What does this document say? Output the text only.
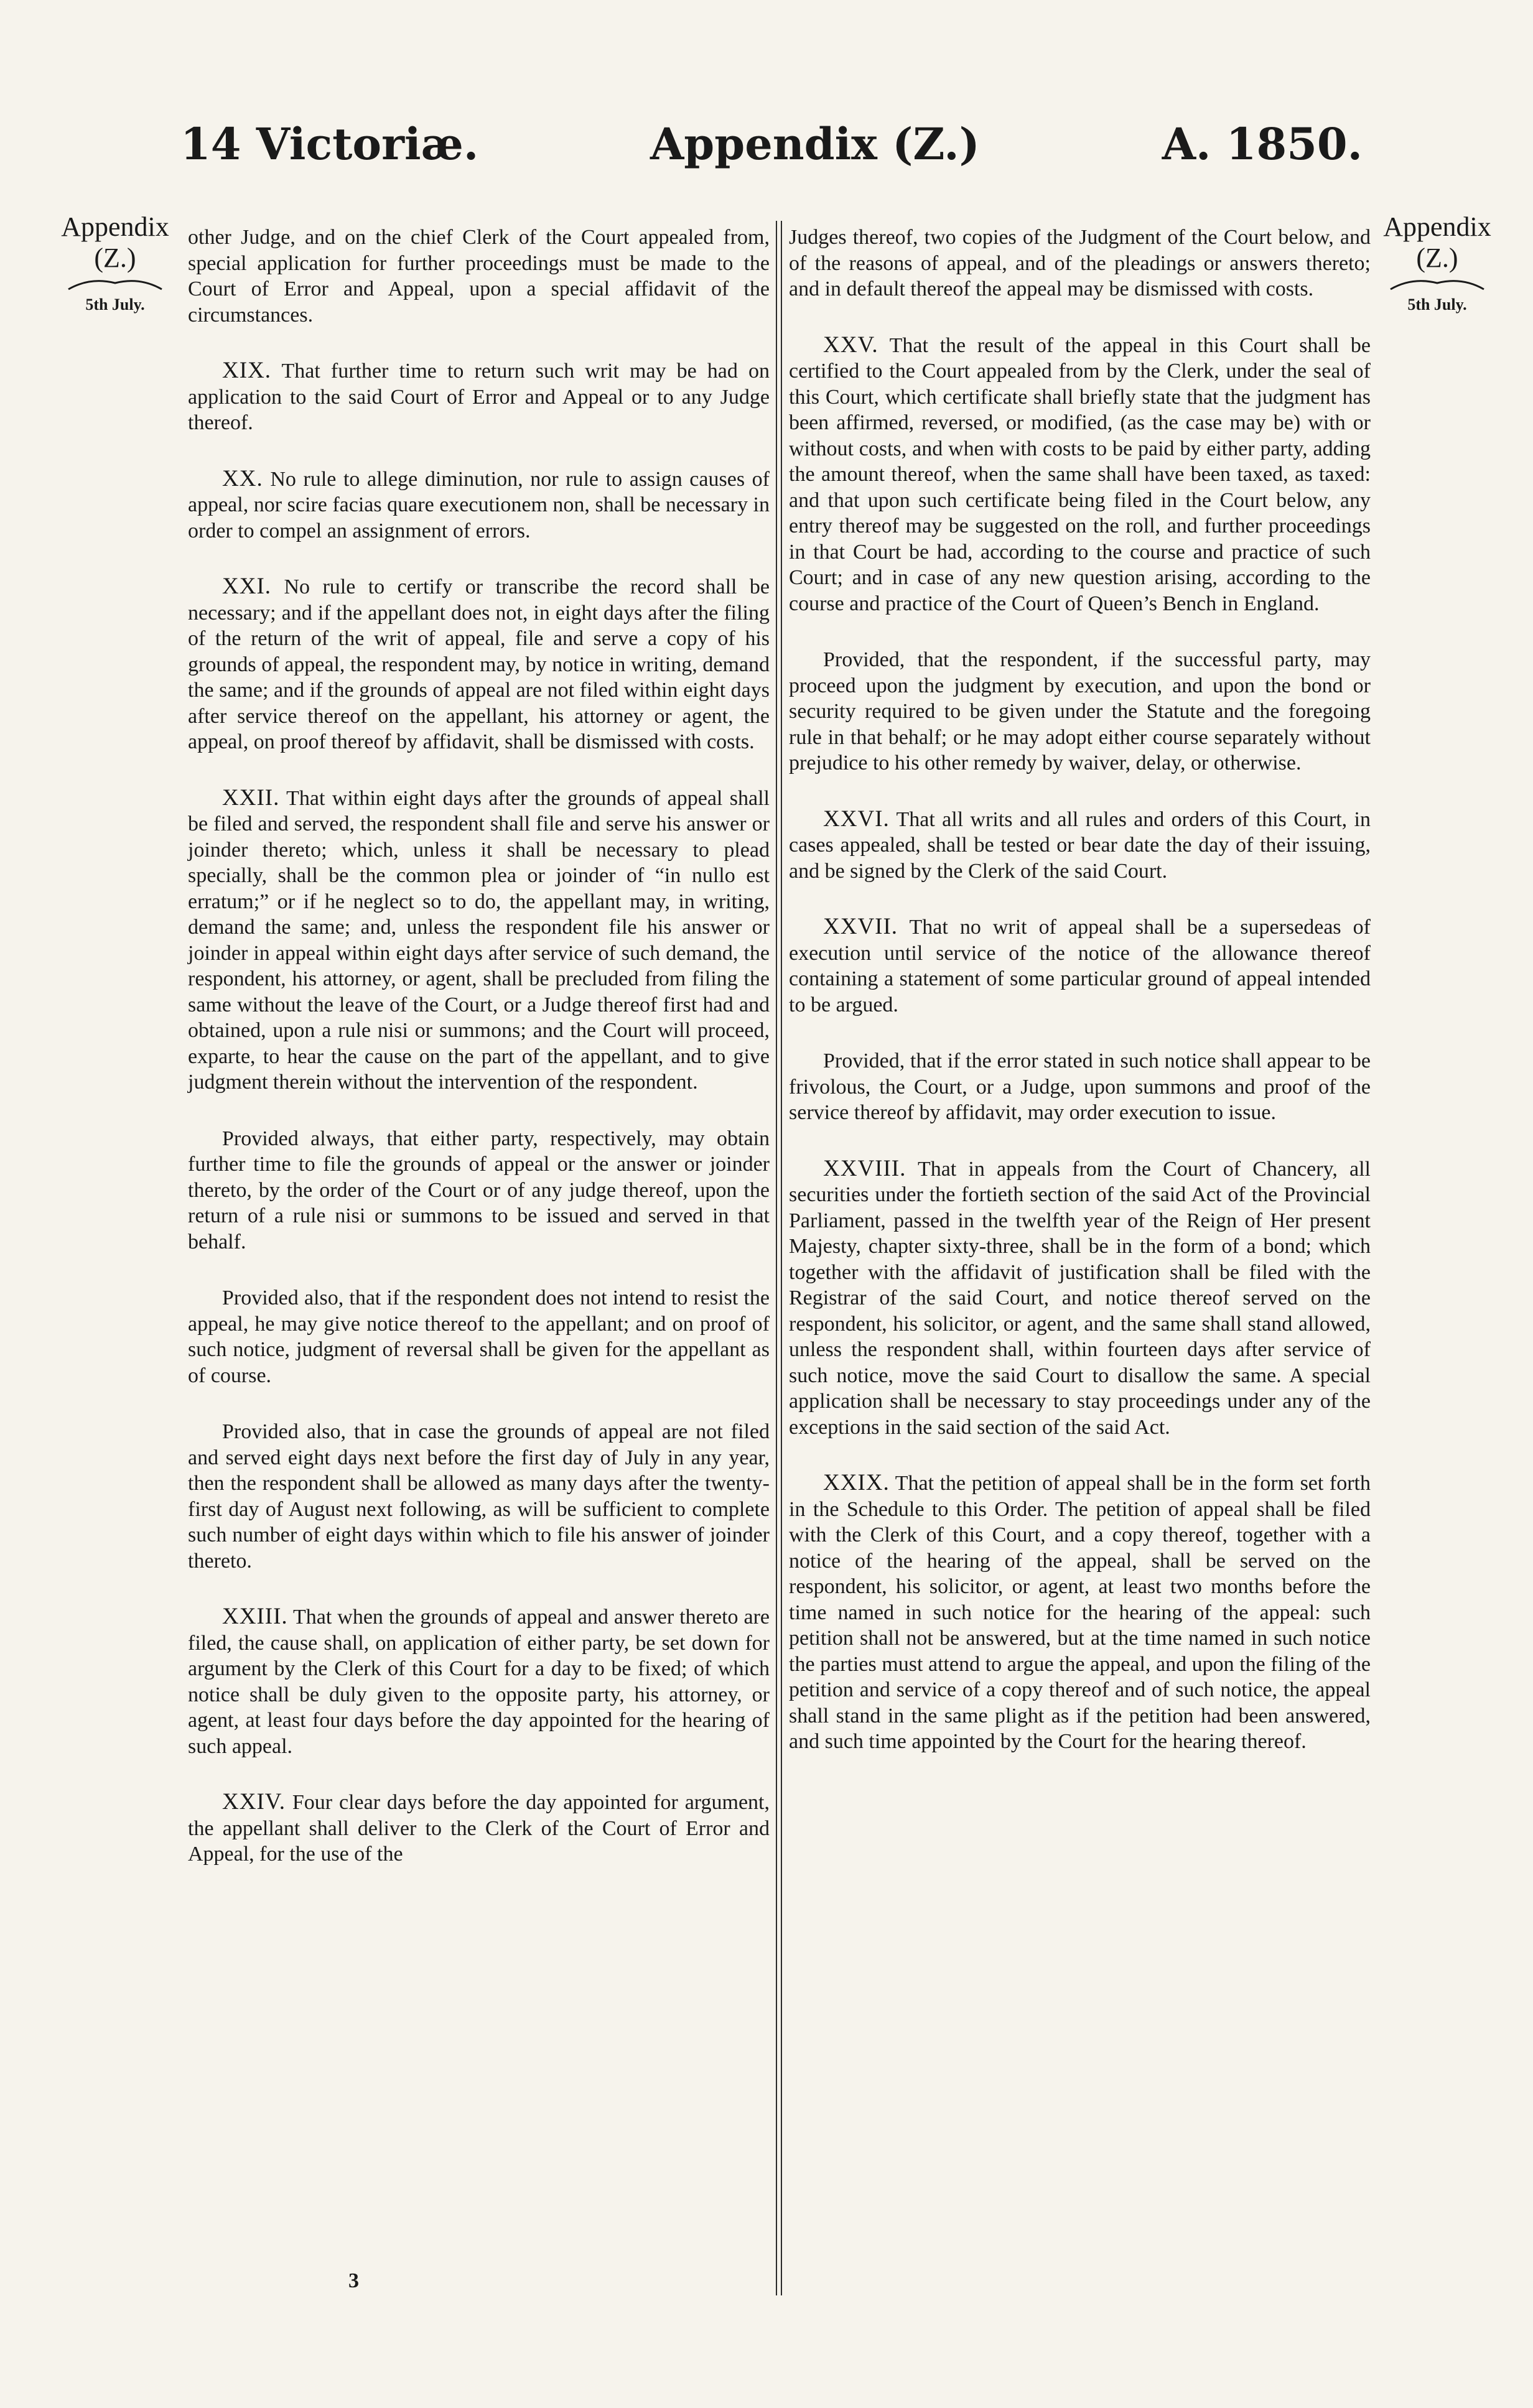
14 Victoriæ.	Appendix (Z.)	A. 1850.
Appendix
(Z.)
5th July.
Appendix
(Z.)
5th July.

other Judge, and on the chief Clerk of the Court appealed from, special application for further proceedings must be made to the Court of Error and Appeal, upon a special affidavit of the circumstances.

XIX. That further time to return such writ may be had on application to the said Court of Error and Appeal or to any Judge thereof.

XX. No rule to allege diminution, nor rule to assign causes of appeal, nor scire facias quare executionem non, shall be necessary in order to compel an assignment of errors.

XXI. No rule to certify or transcribe the record shall be necessary; and if the appellant does not, in eight days after the filing of the return of the writ of appeal, file and serve a copy of his grounds of appeal, the respondent may, by notice in writing, demand the same; and if the grounds of appeal are not filed within eight days after service thereof on the appellant, his attorney or agent, the appeal, on proof thereof by affidavit, shall be dismissed with costs.

XXII. That within eight days after the grounds of appeal shall be filed and served, the respondent shall file and serve his answer or joinder thereto; which, unless it shall be necessary to plead specially, shall be the common plea or joinder of “in nullo est erratum;” or if he neglect so to do, the appellant may, in writing, demand the same; and, unless the respondent file his answer or joinder in appeal within eight days after service of such demand, the respondent, his attorney, or agent, shall be precluded from filing the same without the leave of the Court, or a Judge thereof first had and obtained, upon a rule nisi or summons; and the Court will proceed, exparte, to hear the cause on the part of the appellant, and to give judgment therein without the intervention of the respondent.

Provided always, that either party, respectively, may obtain further time to file the grounds of appeal or the answer or joinder thereto, by the order of the Court or of any judge thereof, upon the return of a rule nisi or summons to be issued and served in that behalf.

Provided also, that if the respondent does not intend to resist the appeal, he may give notice thereof to the appellant; and on proof of such notice, judgment of reversal shall be given for the appellant as of course.

Provided also, that in case the grounds of appeal are not filed and served eight days next before the first day of July in any year, then the respondent shall be allowed as many days after the twenty-first day of August next following, as will be sufficient to complete such number of eight days within which to file his answer of joinder thereto.

XXIII. That when the grounds of appeal and answer thereto are filed, the cause shall, on application of either party, be set down for argument by the Clerk of this Court for a day to be fixed; of which notice shall be duly given to the opposite party, his attorney, or agent, at least four days before the day appointed for the hearing of such appeal.

XXIV. Four clear days before the day appointed for argument, the appellant shall deliver to the Clerk of the Court of Error and Appeal, for the use of the

Judges thereof, two copies of the Judgment of the Court below, and of the reasons of appeal, and of the pleadings or answers thereto; and in default thereof the appeal may be dismissed with costs.

XXV. That the result of the appeal in this Court shall be certified to the Court appealed from by the Clerk, under the seal of this Court, which certificate shall briefly state that the judgment has been affirmed, reversed, or modified, (as the case may be) with or without costs, and when with costs to be paid by either party, adding the amount thereof, when the same shall have been taxed, as taxed: and that upon such certificate being filed in the Court below, any entry thereof may be suggested on the roll, and further proceedings in that Court be had, according to the course and practice of such Court; and in case of any new question arising, according to the course and practice of the Court of Queen’s Bench in England.

Provided, that the respondent, if the successful party, may proceed upon the judgment by execution, and upon the bond or security required to be given under the Statute and the foregoing rule in that behalf; or he may adopt either course separately without prejudice to his other remedy by waiver, delay, or otherwise.

XXVI. That all writs and all rules and orders of this Court, in cases appealed, shall be tested or bear date the day of their issuing, and be signed by the Clerk of the said Court.

XXVII. That no writ of appeal shall be a supersedeas of execution until service of the notice of the allowance thereof containing a statement of some particular ground of appeal intended to be argued.

Provided, that if the error stated in such notice shall appear to be frivolous, the Court, or a Judge, upon summons and proof of the service thereof by affidavit, may order execution to issue.

XXVIII. That in appeals from the Court of Chancery, all securities under the fortieth section of the said Act of the Provincial Parliament, passed in the twelfth year of the Reign of Her present Majesty, chapter sixty-three, shall be in the form of a bond; which together with the affidavit of justification shall be filed with the Registrar of the said Court, and notice thereof served on the respondent, his solicitor, or agent, and the same shall stand allowed, unless the respondent shall, within fourteen days after service of such notice, move the said Court to disallow the same. A special application shall be necessary to stay proceedings under any of the exceptions in the said section of the said Act.

XXIX. That the petition of appeal shall be in the form set forth in the Schedule to this Order. The petition of appeal shall be filed with the Clerk of this Court, and a copy thereof, together with a notice of the hearing of the appeal, shall be served on the respondent, his solicitor, or agent, at least two months before the time named in such notice for the hearing of the appeal: such petition shall not be answered, but at the time named in such notice the parties must attend to argue the appeal, and upon the filing of the petition and service of a copy thereof and of such notice, the appeal shall stand in the same plight as if the petition had been answered, and such time appointed by the Court for the hearing thereof.

3
